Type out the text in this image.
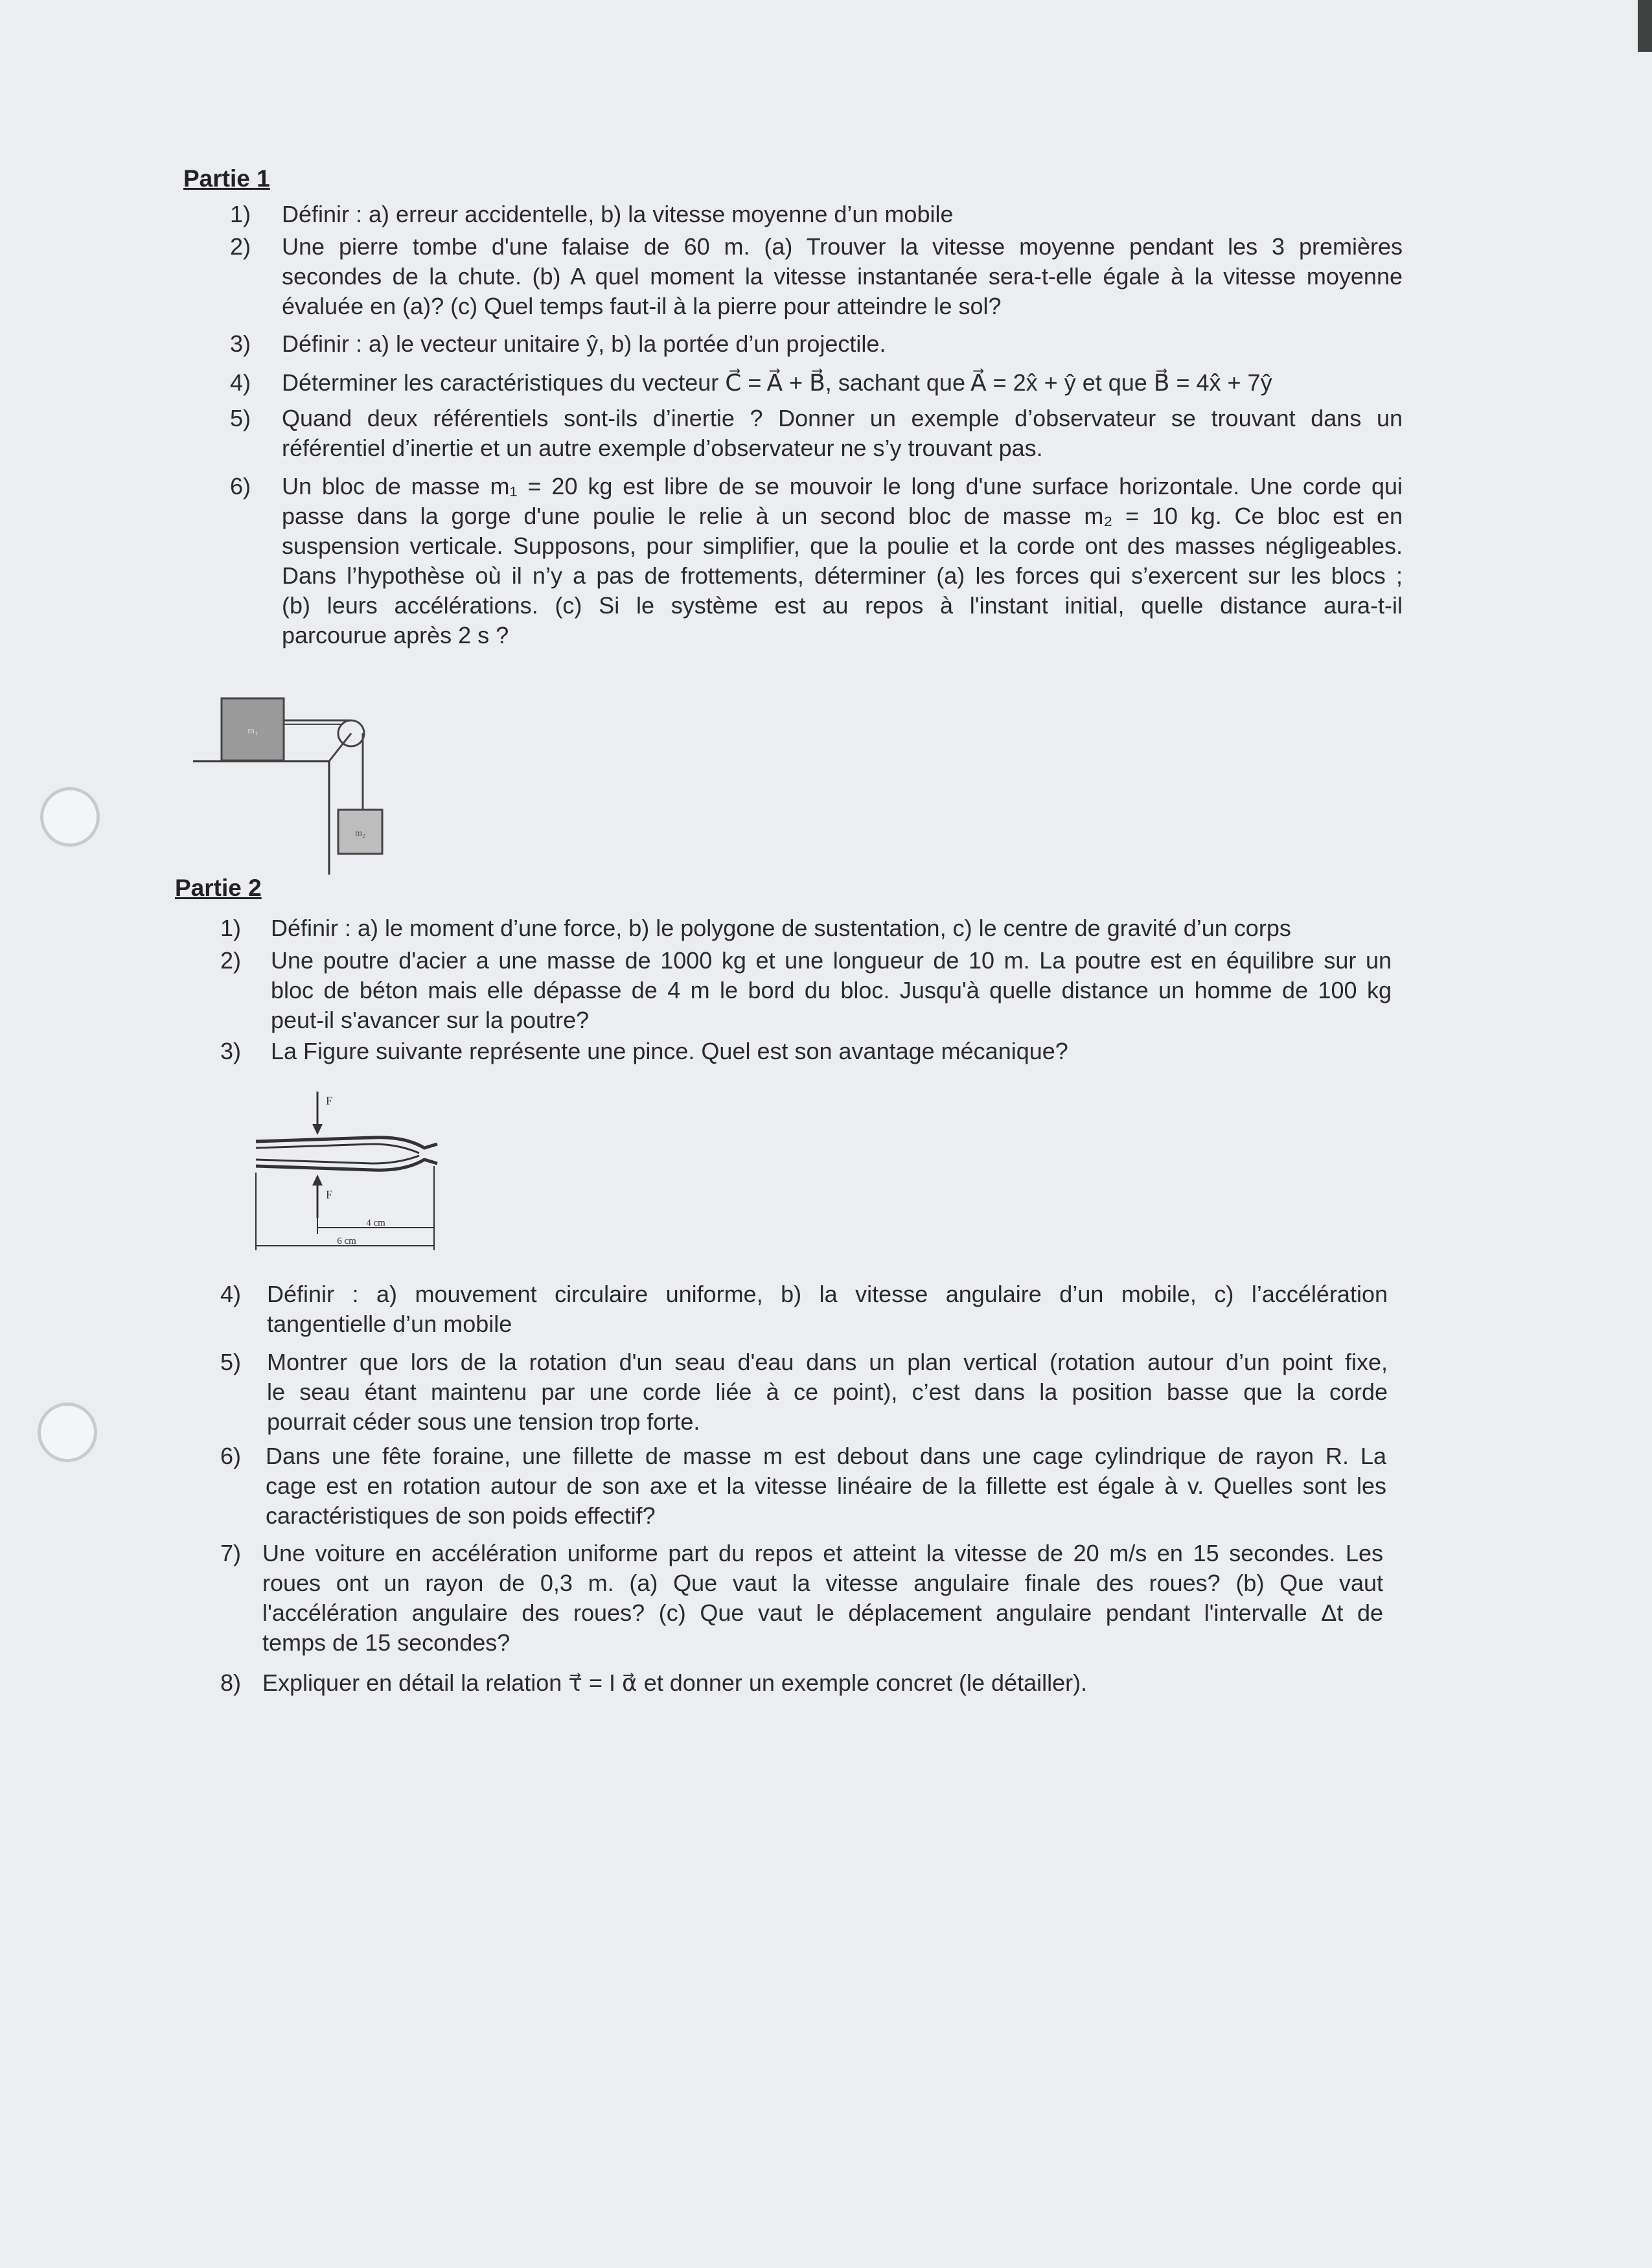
Partie 1
1) Définir : a) erreur accidentelle, b) la vitesse moyenne d’un mobile
2) Une pierre tombe d'une falaise de 60 m. (a) Trouver la vitesse moyenne pendant les 3 premières
secondes de la chute. (b) A quel moment la vitesse instantanée sera-t-elle égale à la vitesse moyenne
évaluée en (a)? (c) Quel temps faut-il à la pierre pour atteindre le sol?
3) Définir : a) le vecteur unitaire ŷ, b) la portée d’un projectile.
4) Déterminer les caractéristiques du vecteur C⃗ = A⃗ + B⃗, sachant que A⃗ = 2x̂ + ŷ et que B⃗ = 4x̂ + 7ŷ
5) Quand deux référentiels sont-ils d’inertie ? Donner un exemple d’observateur se trouvant dans un
référentiel d’inertie et un autre exemple d’observateur ne s’y trouvant pas.
6) Un bloc de masse m₁ = 20 kg est libre de se mouvoir le long d'une surface horizontale. Une corde qui
passe dans la gorge d'une poulie le relie à un second bloc de masse m₂ = 10 kg. Ce bloc est en
suspension verticale. Supposons, pour simplifier, que la poulie et la corde ont des masses négligeables.
Dans l’hypothèse où il n’y a pas de frottements, déterminer (a) les forces qui s’exercent sur les blocs ;
(b) leurs accélérations. (c) Si le système est au repos à l'instant initial, quelle distance aura-t-il
parcourue après 2 s ?
m₁
m₂
Partie 2
1) Définir : a) le moment d’une force, b) le polygone de sustentation, c) le centre de gravité d’un corps
2) Une poutre d'acier a une masse de 1000 kg et une longueur de 10 m. La poutre est en équilibre sur un
bloc de béton mais elle dépasse de 4 m le bord du bloc. Jusqu'à quelle distance un homme de 100 kg
peut-il s'avancer sur la poutre?
3) La Figure suivante représente une pince. Quel est son avantage mécanique?
4) Définir : a) mouvement circulaire uniforme, b) la vitesse angulaire d’un mobile, c) l’accélération
tangentielle d’un mobile
5) Montrer que lors de la rotation d'un seau d'eau dans un plan vertical (rotation autour d’un point fixe,
le seau étant maintenu par une corde liée à ce point), c’est dans la position basse que la corde
pourrait céder sous une tension trop forte.
6) Dans une fête foraine, une fillette de masse m est debout dans une cage cylindrique de rayon R. La
cage est en rotation autour de son axe et la vitesse linéaire de la fillette est égale à v. Quelles sont les
caractéristiques de son poids effectif?
7) Une voiture en accélération uniforme part du repos et atteint la vitesse de 20 m/s en 15 secondes. Les
roues ont un rayon de 0,3 m. (a) Que vaut la vitesse angulaire finale des roues? (b) Que vaut
l'accélération angulaire des roues? (c) Que vaut le déplacement angulaire pendant l'intervalle Δt de
temps de 15 secondes?
8) Expliquer en détail la relation τ⃗ = I α⃗ et donner un exemple concret (le détailler).
F
F
4 cm
6 cm
